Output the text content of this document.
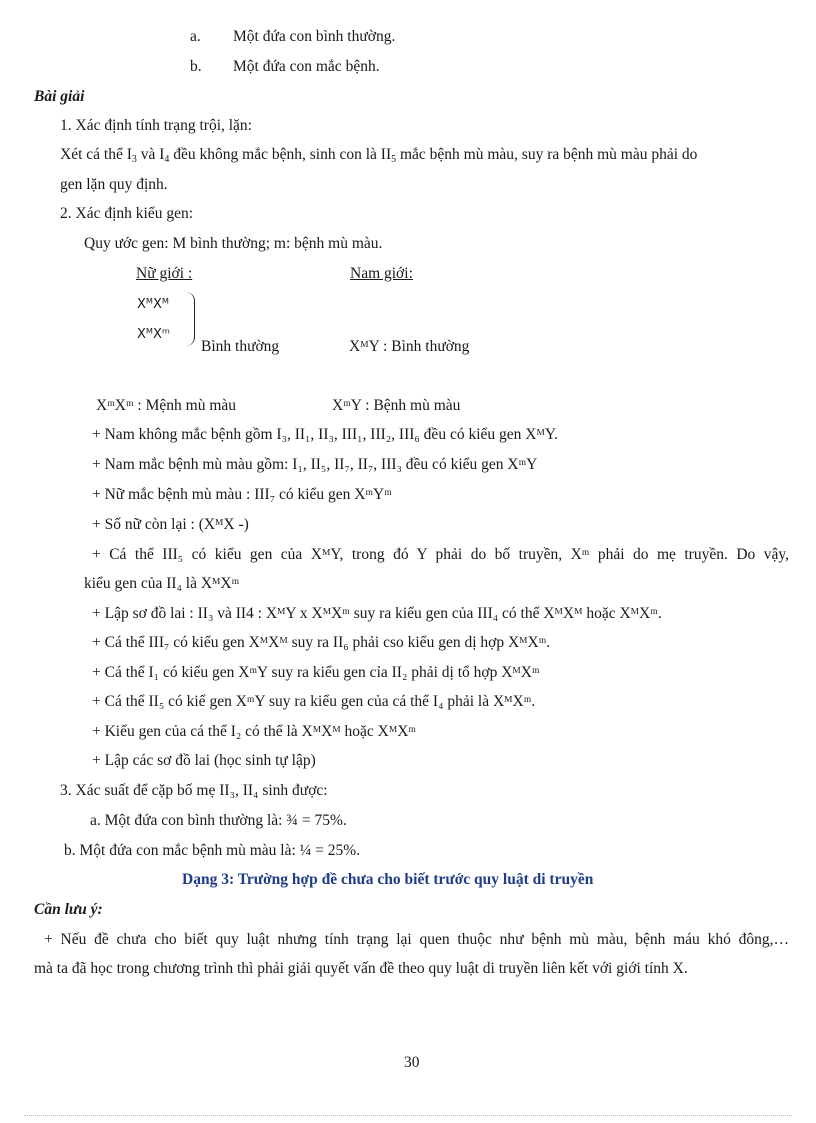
a. Một đứa con bình thường.
b. Một đứa con mắc bệnh.
Bài giải
1. Xác định tính trạng trội, lặn:
Xét cá thể $I_3$ và $I_4$ đều không mắc bệnh, sinh con là $II_5$ mắc bệnh mù màu, suy ra bệnh mù màu phải do
gen lặn quy định.
2. Xác định kiểu gen:
Quy ước gen: M bình thường; m: bệnh mù màu.
Nữ giới :	Nam giới:
XᴹXᴹ
XᴹXᵐ
Bình thường	XᴹY : Bình thường
XᵐXᵐ : Mệnh mù màu	XᵐY : Bệnh mù màu
+ Nam không mắc bệnh gồm I₃, II₁, II₃, III₁, III₂, III₆ đều có kiểu gen XᴹY.
+ Nam mắc bệnh mù màu gồm: I₁, II₅, II₇, II₇, III₃ đều có kiểu gen XᵐY
+ Nữ mắc bệnh mù màu : III₇ có kiểu gen XᵐYᵐ
+ Số nữ còn lại : (XᴹX -)
+ Cá thể III₅ có kiểu gen của XᴹY, trong đó Y phải do bố truyền, Xᵐ phải do mẹ truyền. Do vậy,
kiểu gen của II₄ là XᴹXᵐ
+ Lập sơ đồ lai : II₃ và II4 : XᴹY x XᴹXᵐ suy ra kiểu gen của III₄ có thể XᴹXᴹ hoặc XᴹXᵐ.
+ Cá thể III₇ có kiểu gen XᴹXᴹ suy ra II₆ phải cso kiểu gen dị hợp XᴹXᵐ.
+ Cá thể I₁ có kiểu gen XᵐY suy ra kiểu gen cỉa II₂ phải dị tổ hợp XᴹXᵐ
+ Cá thể II₅ có kiể gen XᵐY suy ra kiểu gen của cá thể I₄ phải là XᴹXᵐ.
+ Kiểu gen của cá thể I₂ có thể là XᴹXᴹ hoặc XᴹXᵐ
+ Lập các sơ đồ lai (học sinh tự lập)
3. Xác suất để cặp bố mẹ II₃, II₄ sinh được:
a. Một đứa con bình thường là: ¾ = 75%.
b. Một đứa con mắc bệnh mù màu là: ¼ = 25%.
Dạng 3: Trường hợp đề chưa cho biết trước quy luật di truyền
Cần lưu ý:
+ Nếu đề chưa cho biết quy luật nhưng tính trạng lại quen thuộc như bệnh mù màu, bệnh máu khó đông,…
mà ta đã học trong chương trình thì phải giải quyết vấn đề theo quy luật di truyền liên kết với giới tính X.
30
